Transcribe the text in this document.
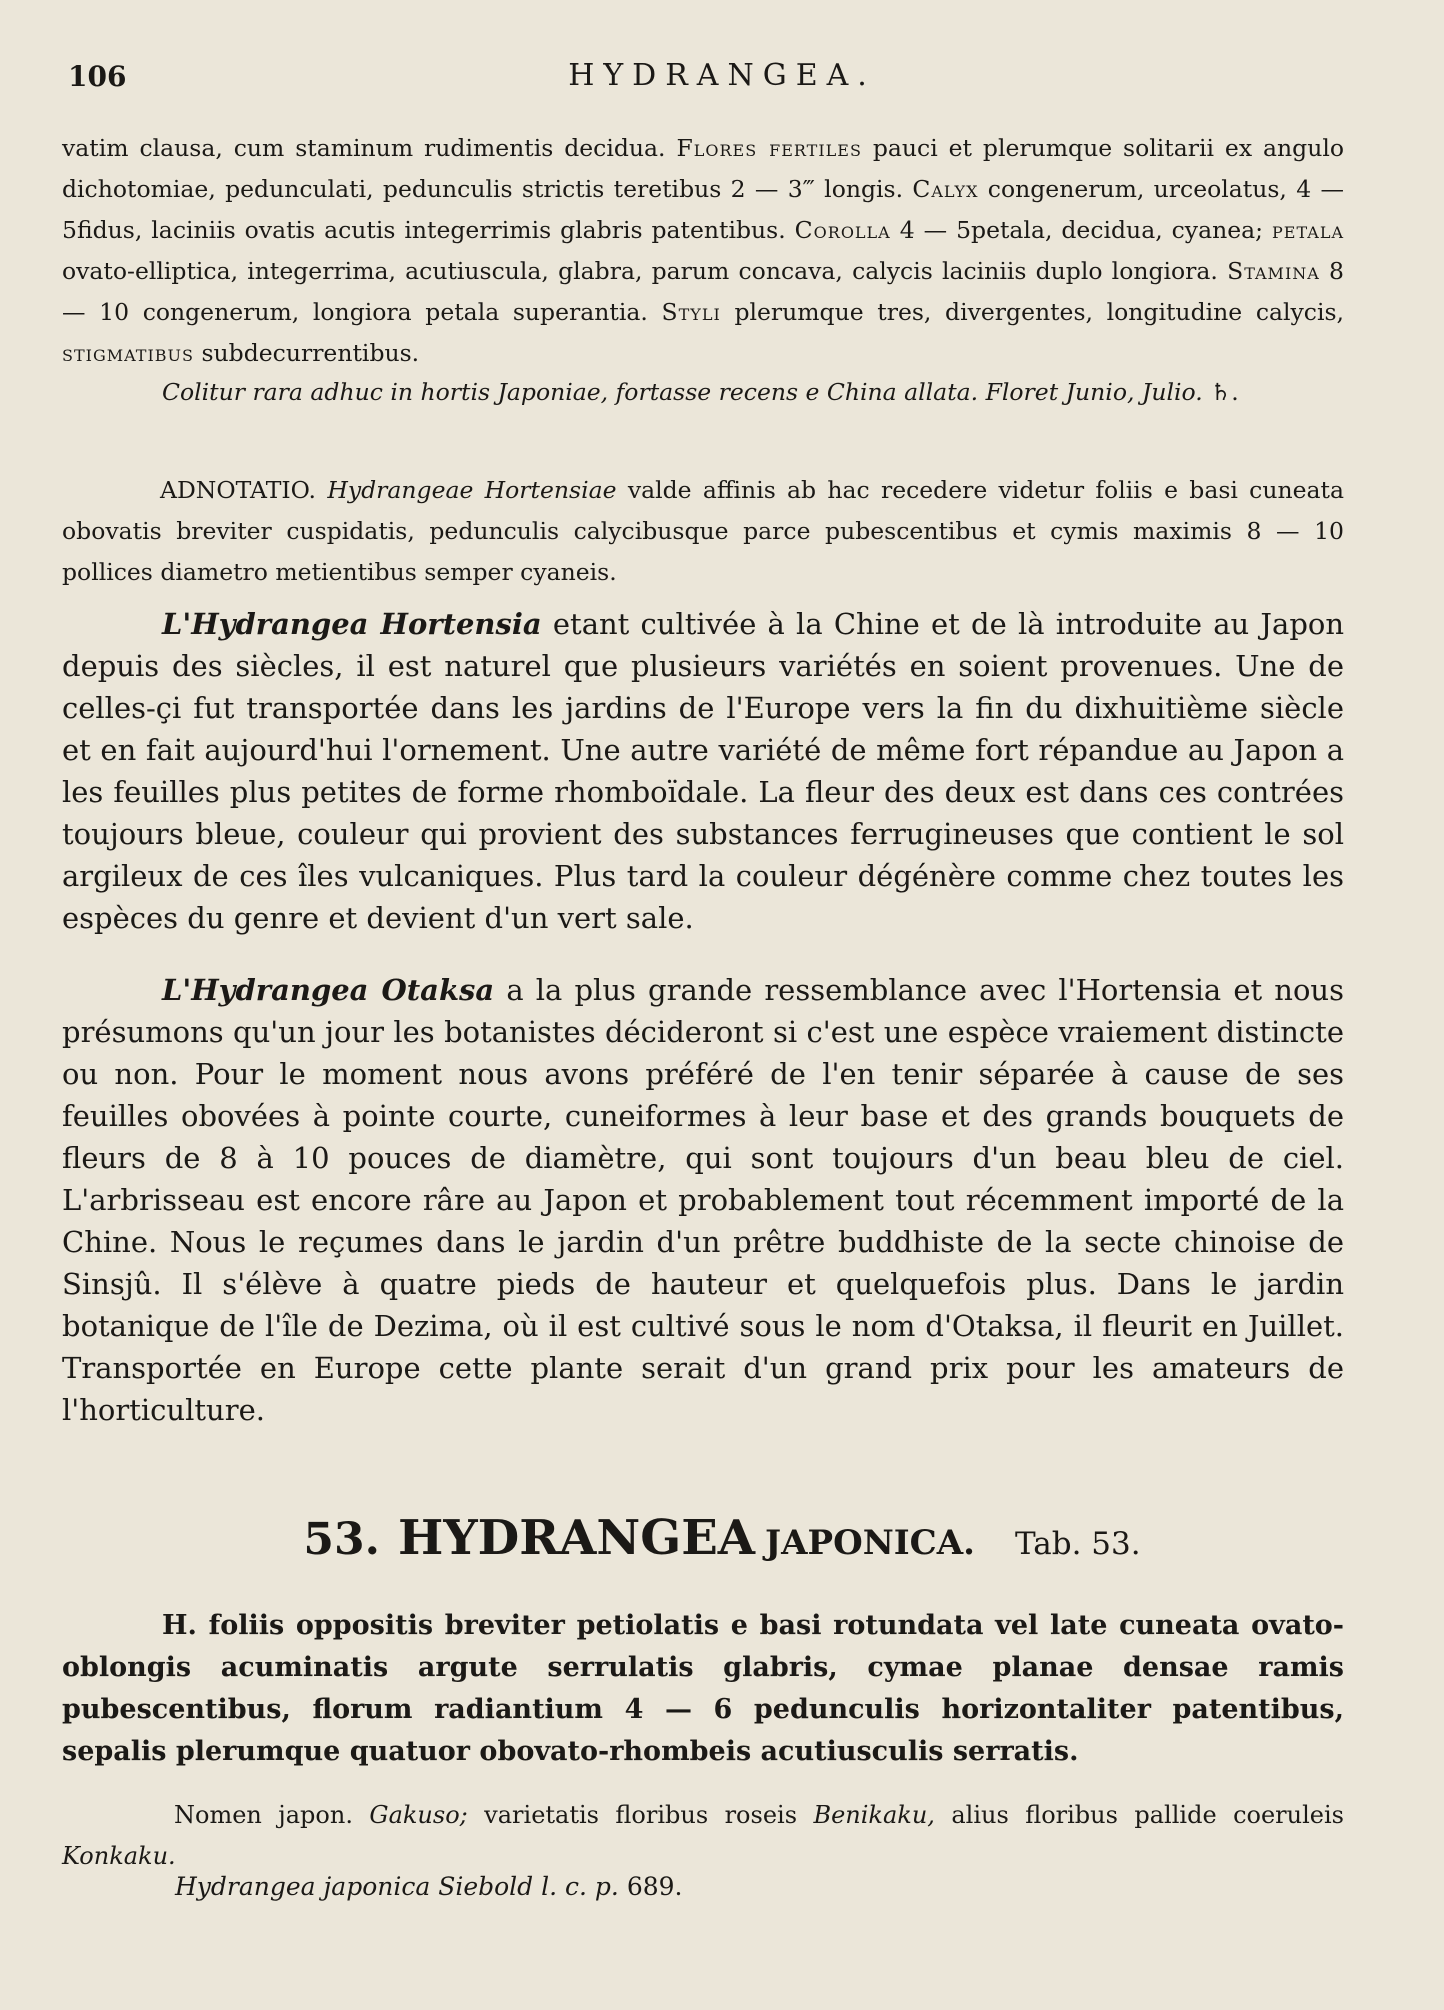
106	HYDRANGEA.
vatim clausa, cum staminum rudimentis decidua. Flores fertiles pauci et plerumque solitarii ex angulo dichotomiae, pedunculati, pedunculis strictis teretibus 2 — 3‴ longis. Calyx congenerum, urceolatus, 4 — 5fidus, laciniis ovatis acutis integerrimis glabris patentibus. Corolla 4 — 5petala, decidua, cyanea; petala ovato-elliptica, integerrima, acutiuscula, glabra, parum concava, calycis laciniis duplo longiora. Stamina 8 — 10 congenerum, longiora petala superantia. Styli plerumque tres, divergentes, longitudine calycis, stigmatibus subdecurrentibus.
Colitur rara adhuc in hortis Japoniae, fortasse recens e China allata. Floret Junio, Julio. ♄.
ADNOTATIO. Hydrangeae Hortensiae valde affinis ab hac recedere videtur foliis e basi cuneata obovatis breviter cuspidatis, pedunculis calycibusque parce pubescentibus et cymis maximis 8 — 10 pollices diametro metientibus semper cyaneis.
L'Hydrangea Hortensia etant cultivée à la Chine et de là introduite au Japon depuis des siècles, il est naturel que plusieurs variétés en soient provenues. Une de celles-çi fut transportée dans les jardins de l'Europe vers la fin du dixhuitième siècle et en fait aujourd'hui l'ornement. Une autre variété de même fort répandue au Japon a les feuilles plus petites de forme rhomboïdale. La fleur des deux est dans ces contrées toujours bleue, couleur qui provient des substances ferrugineuses que contient le sol argileux de ces îles vulcaniques. Plus tard la couleur dégénère comme chez toutes les espèces du genre et devient d'un vert sale.
L'Hydrangea Otaksa a la plus grande ressemblance avec l'Hortensia et nous présumons qu'un jour les botanistes décideront si c'est une espèce vraiement distincte ou non. Pour le moment nous avons préféré de l'en tenir séparée à cause de ses feuilles obovées à pointe courte, cuneiformes à leur base et des grands bouquets de fleurs de 8 à 10 pouces de diamètre, qui sont toujours d'un beau bleu de ciel. L'arbrisseau est encore râre au Japon et probablement tout récemment importé de la Chine. Nous le reçumes dans le jardin d'un prêtre buddhiste de la secte chinoise de Sinsjû. Il s'élève à quatre pieds de hauteur et quelquefois plus. Dans le jardin botanique de l'île de Dezima, où il est cultivé sous le nom d'Otaksa, il fleurit en Juillet. Transportée en Europe cette plante serait d'un grand prix pour les amateurs de l'horticulture.
53. HYDRANGEA JAPONICA. Tab. 53.
H. foliis oppositis breviter petiolatis e basi rotundata vel late cuneata ovato-oblongis acuminatis argute serrulatis glabris, cymae planae densae ramis pubescentibus, florum radiantium 4 — 6 pedunculis horizontaliter patentibus, sepalis plerumque quatuor obovato-rhombeis acutiusculis serratis.
Nomen japon. Gakuso; varietatis floribus roseis Benikaku, alius floribus pallide coeruleis Konkaku.
Hydrangea japonica Siebold l. c. p. 689.
